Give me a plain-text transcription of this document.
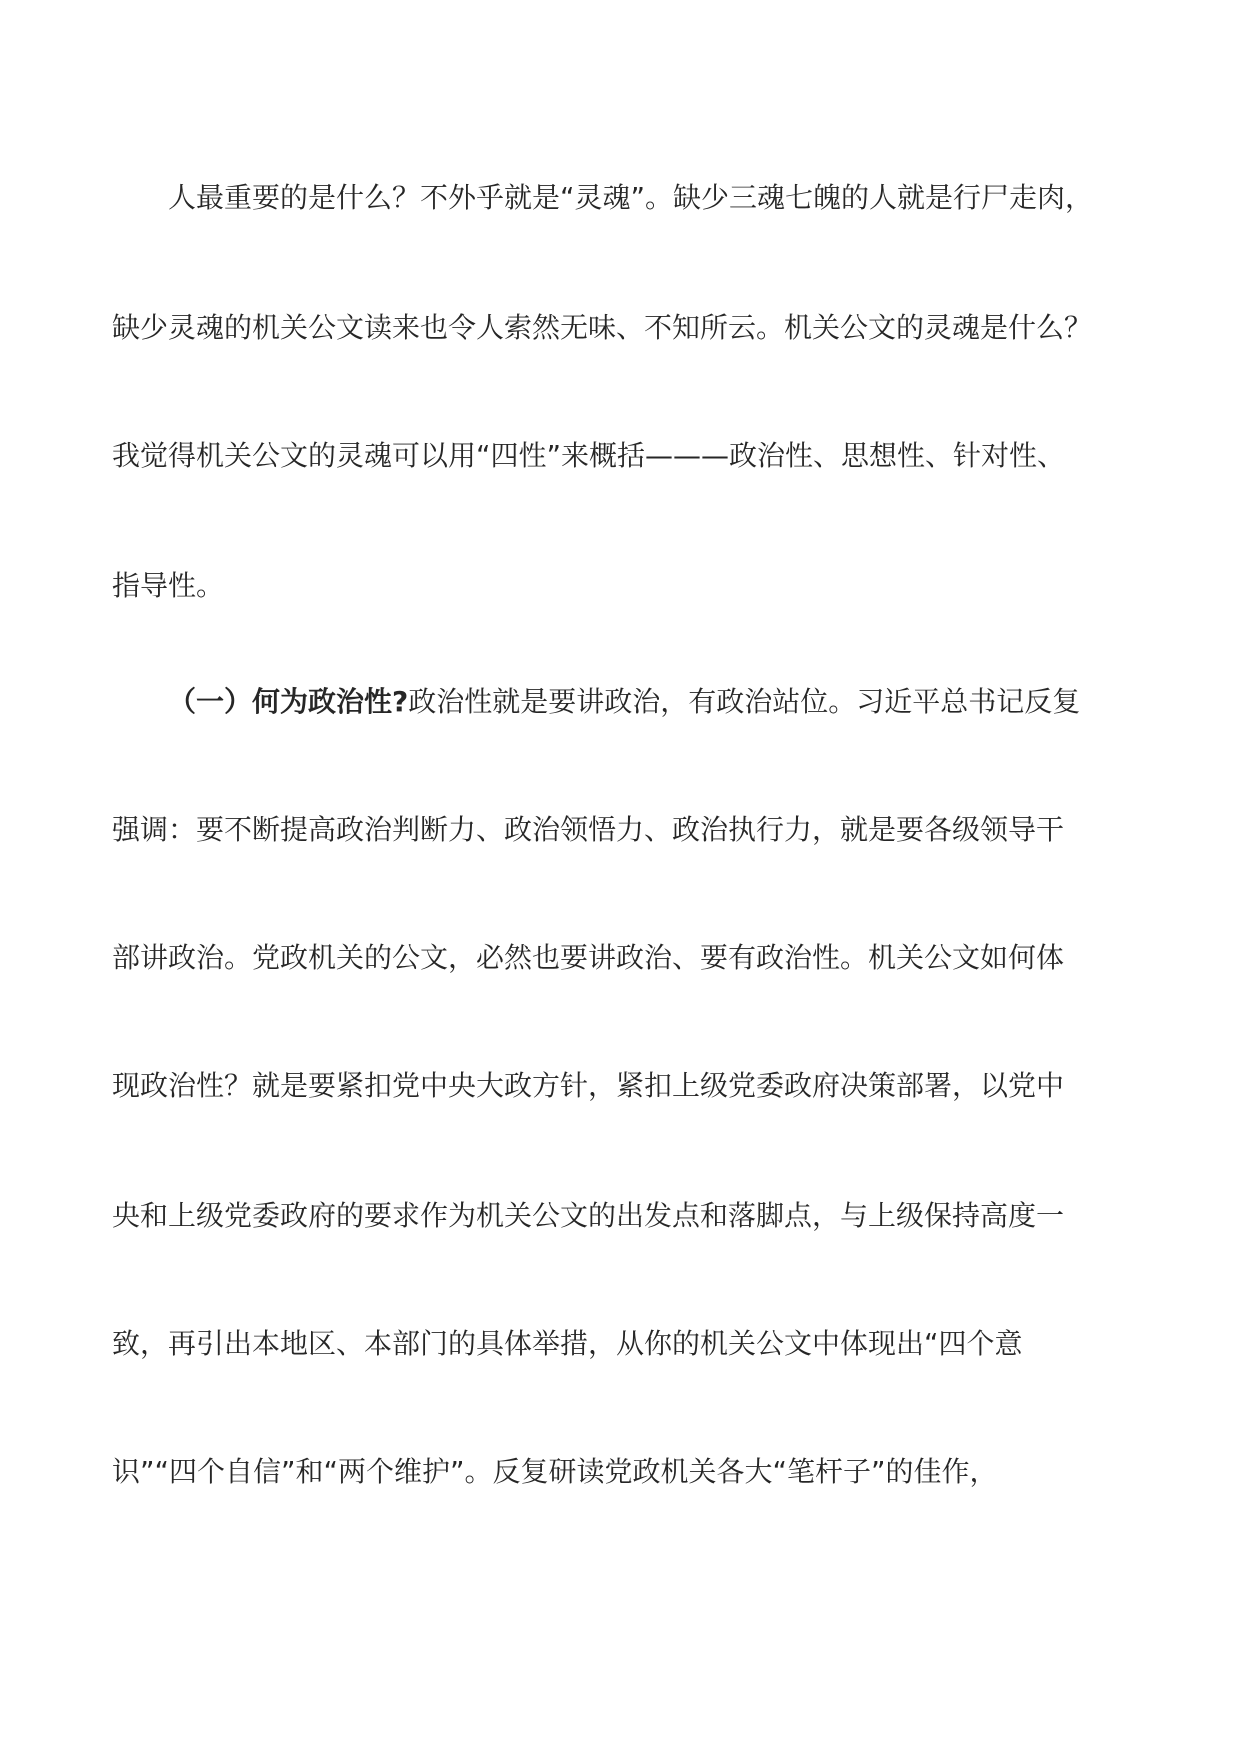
人最重要的是什么？不外乎就是“灵魂”。缺少三魂七魄的人就是行尸走肉，
缺少灵魂的机关公文读来也令人索然无味、不知所云。机关公文的灵魂是什么？
我觉得机关公文的灵魂可以用“四性”来概括———政治性、思想性、针对性、
指导性。
（一）何为政治性?政治性就是要讲政治，有政治站位。习近平总书记反复
强调：要不断提高政治判断力、政治领悟力、政治执行力，就是要各级领导干
部讲政治。党政机关的公文，必然也要讲政治、要有政治性。机关公文如何体
现政治性？就是要紧扣党中央大政方针，紧扣上级党委政府决策部署，以党中
央和上级党委政府的要求作为机关公文的出发点和落脚点，与上级保持高度一
致，再引出本地区、本部门的具体举措，从你的机关公文中体现出“四个意
识”“四个自信”和“两个维护”。反复研读党政机关各大“笔杆子”的佳作，
